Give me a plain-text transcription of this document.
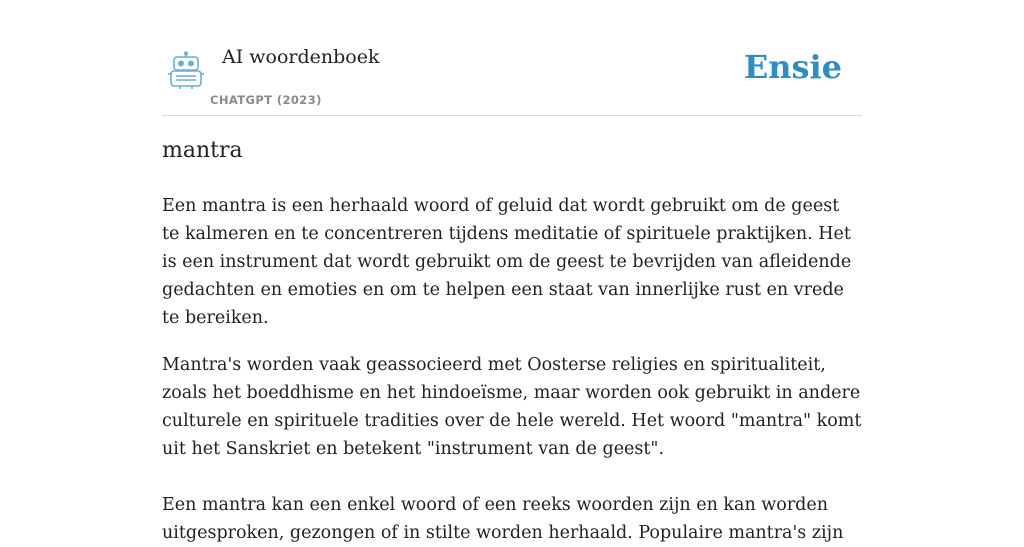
AI woordenboek
CHATGPT (2023)
Ensie
mantra

Een mantra is een herhaald woord of geluid dat wordt gebruikt om de geest te kalmeren en te concentreren tijdens meditatie of spirituele praktijken. Het is een instrument dat wordt gebruikt om de geest te bevrijden van afleidende gedachten en emoties en om te helpen een staat van innerlijke rust en vrede te bereiken.

Mantra's worden vaak geassocieerd met Oosterse religies en spiritualiteit, zoals het boeddhisme en het hindoeïsme, maar worden ook gebruikt in andere culturele en spirituele tradities over de hele wereld. Het woord "mantra" komt uit het Sanskriet en betekent "instrument van de geest".

Een mantra kan een enkel woord of een reeks woorden zijn en kan worden uitgesproken, gezongen of in stilte worden herhaald. Populaire mantra's zijn
